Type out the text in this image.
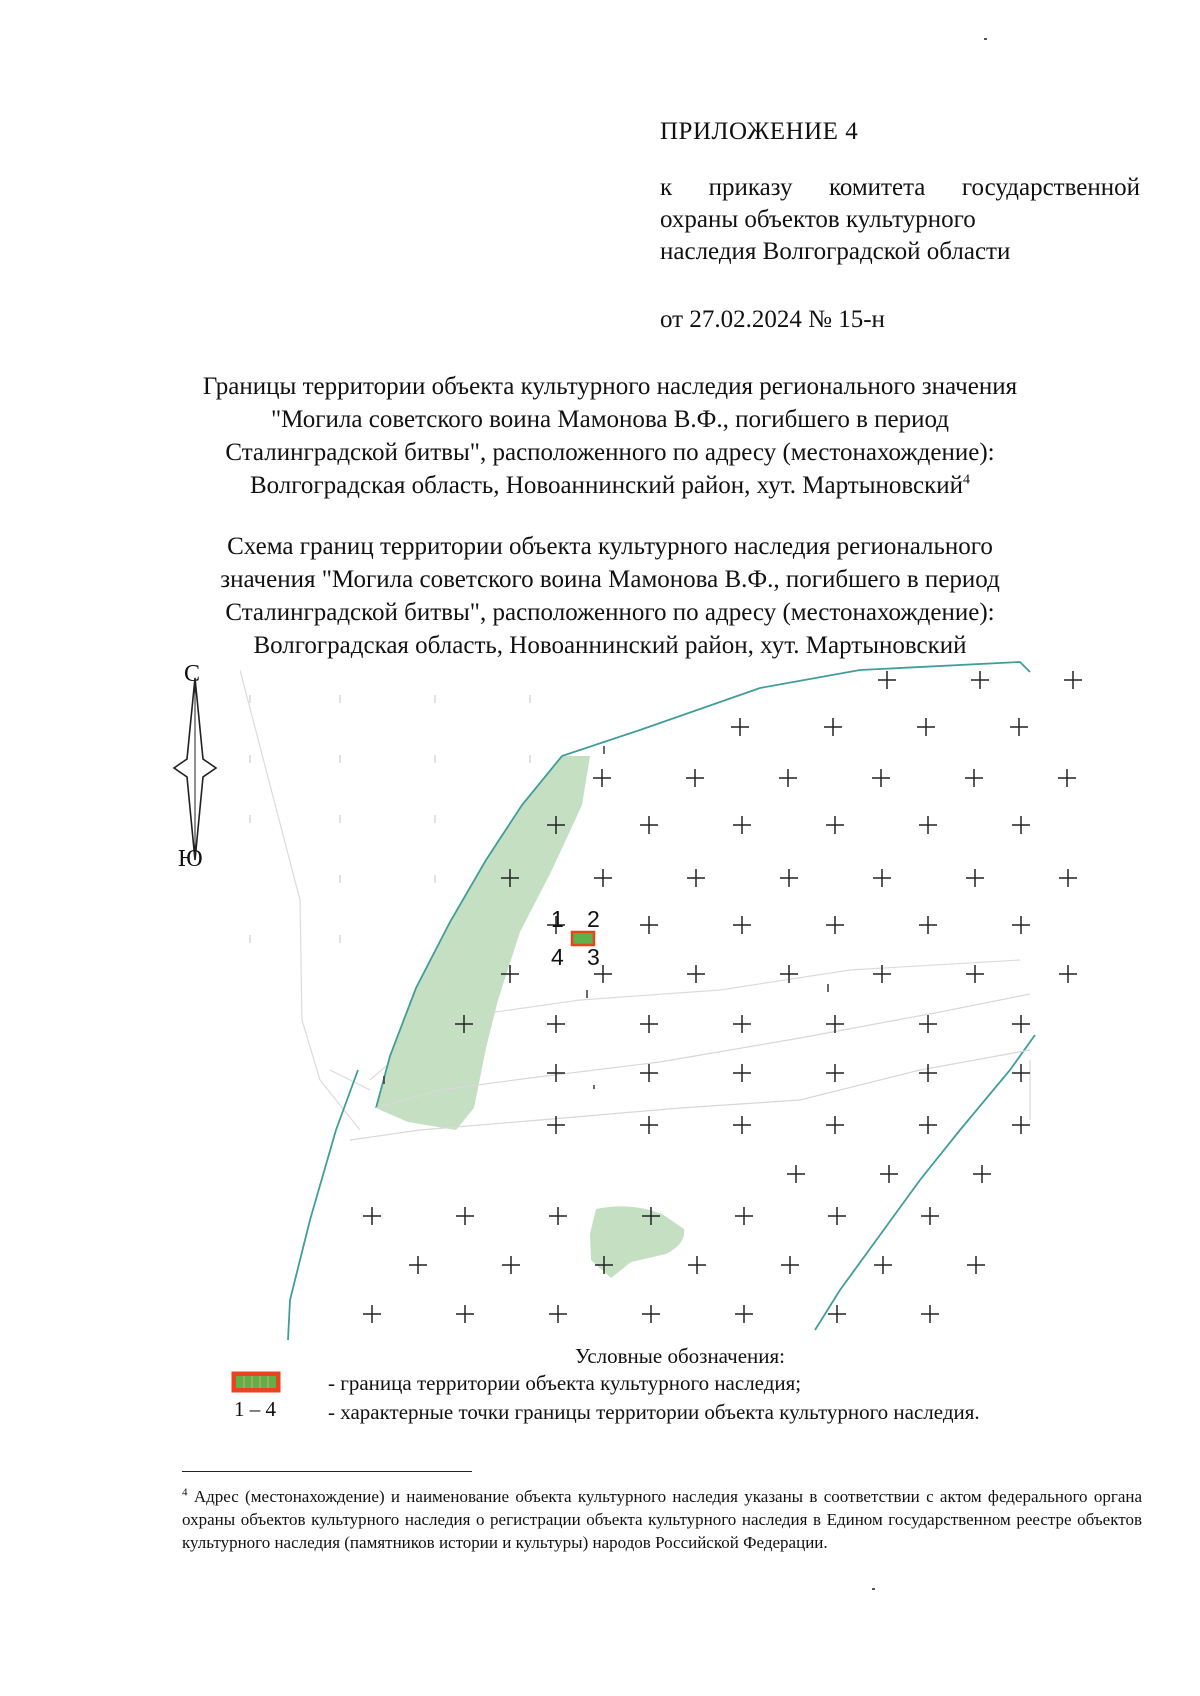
ПРИЛОЖЕНИЕ 4
к приказу комитета государственной
охраны объектов культурного
наследия Волгоградской области
от 27.02.2024 № 15-н
Границы территории объекта культурного наследия регионального значения
"Могила советского воина Мамонова В.Ф., погибшего в период
Сталинградской битвы", расположенного по адресу (местонахождение):
Волгоградская область, Новоаннинский район, хут. Мартыновский$^4$
Схема границ территории объекта культурного наследия регионального
значения "Могила советского воина Мамонова В.Ф., погибшего в период
Сталинградской битвы", расположенного по адресу (местонахождение):
Волгоградская область, Новоаннинский район, хут. Мартыновский
С
Ю
1 2
3
4
Условные обозначения:
1 – 4
- граница территории объекта культурного наследия;
- характерные точки границы территории объекта культурного наследия.
$^4$ Адрес (местонахождение) и наименование объекта культурного наследия указаны в соответствии с актом федерального органа охраны объектов культурного наследия о регистрации объекта культурного наследия в Едином государственном реестре объектов культурного наследия (памятников истории и культуры) народов Российской Федерации.
